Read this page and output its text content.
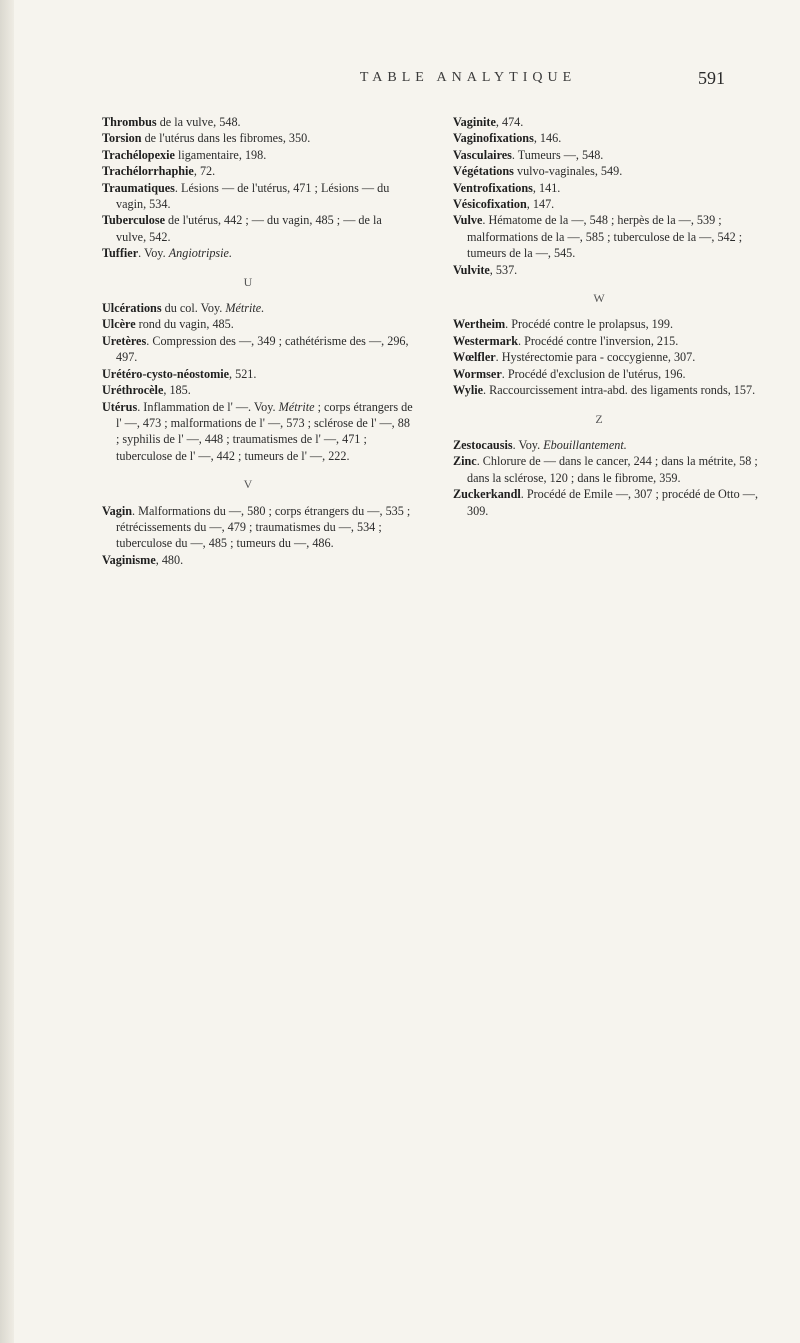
TABLE ANALYTIQUE	591
Thrombus de la vulve, 548.
Torsion de l'utérus dans les fibromes, 350.
Trachélopexie ligamentaire, 198.
Trachélorrhaphie, 72.
Traumatiques. Lésions — de l'utérus, 471 ; Lésions — du vagin, 534.
Tuberculose de l'utérus, 442 ; — du vagin, 485 ; — de la vulve, 542.
Tuffier. Voy. Angiotripsie.
U
Ulcérations du col. Voy. Métrite.
Ulcère rond du vagin, 485.
Uretères. Compression des —, 349 ; cathétérisme des —, 296, 497.
Urétéro-cysto-néostomie, 521.
Uréthrocèle, 185.
Utérus. Inflammation de l' —. Voy. Métrite ; corps étrangers de l' —, 473 ; malformations de l' —, 573 ; sclérose de l' —, 88 ; syphilis de l' —, 448 ; traumatismes de l' —, 471 ; tuberculose de l' —, 442 ; tumeurs de l' —, 222.
V
Vagin. Malformations du —, 580 ; corps étrangers du —, 535 ; rétrécissements du —, 479 ; traumatismes du —, 534 ; tuberculose du —, 485 ; tumeurs du —, 486.
Vaginisme, 480.
Vaginite, 474.
Vaginofixations, 146.
Vasculaires. Tumeurs —, 548.
Végétations vulvo-vaginales, 549.
Ventrofixations, 141.
Vésicofixation, 147.
Vulve. Hématome de la —, 548 ; herpès de la —, 539 ; malformations de la —, 585 ; tuberculose de la —, 542 ; tumeurs de la —, 545.
Vulvite, 537.
W
Wertheim. Procédé contre le prolapsus, 199.
Westermark. Procédé contre l'inversion, 215.
Wœlfler. Hystérectomie para - coccygienne, 307.
Wormser. Procédé d'exclusion de l'utérus, 196.
Wylie. Raccourcissement intra-abd. des ligaments ronds, 157.
Z
Zestocausis. Voy. Ebouillantement.
Zinc. Chlorure de — dans le cancer, 244 ; dans la métrite, 58 ; dans la sclérose, 120 ; dans le fibrome, 359.
Zuckerkandl. Procédé de Emile —, 307 ; procédé de Otto —, 309.
